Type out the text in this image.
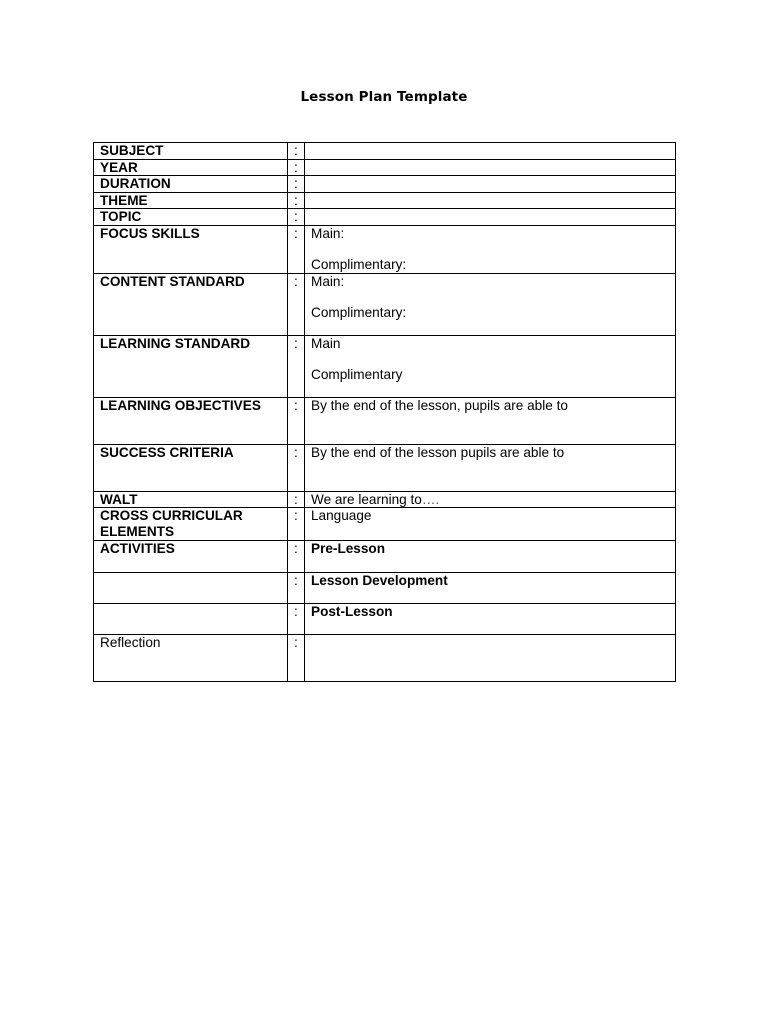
Lesson Plan Template
SUBJECT	:	
YEAR	:	
DURATION	:	
THEME	:	
TOPIC	:	
FOCUS SKILLS	:	Main:
Complimentary:

CONTENT STANDARD	:	Main:
Complimentary:

LEARNING STANDARD	:	Main
Complimentary

LEARNING OBJECTIVES	:	By the end of the lesson, pupils are able to

SUCCESS CRITERIA	:	By the end of the lesson pupils are able to

WALT	:	We are learning to….
CROSS CURRICULAR ELEMENTS	:	Language

ACTIVITIES	:	Pre-Lesson

	:	Lesson Development

	:	Post-Lesson

Reflection	:	
